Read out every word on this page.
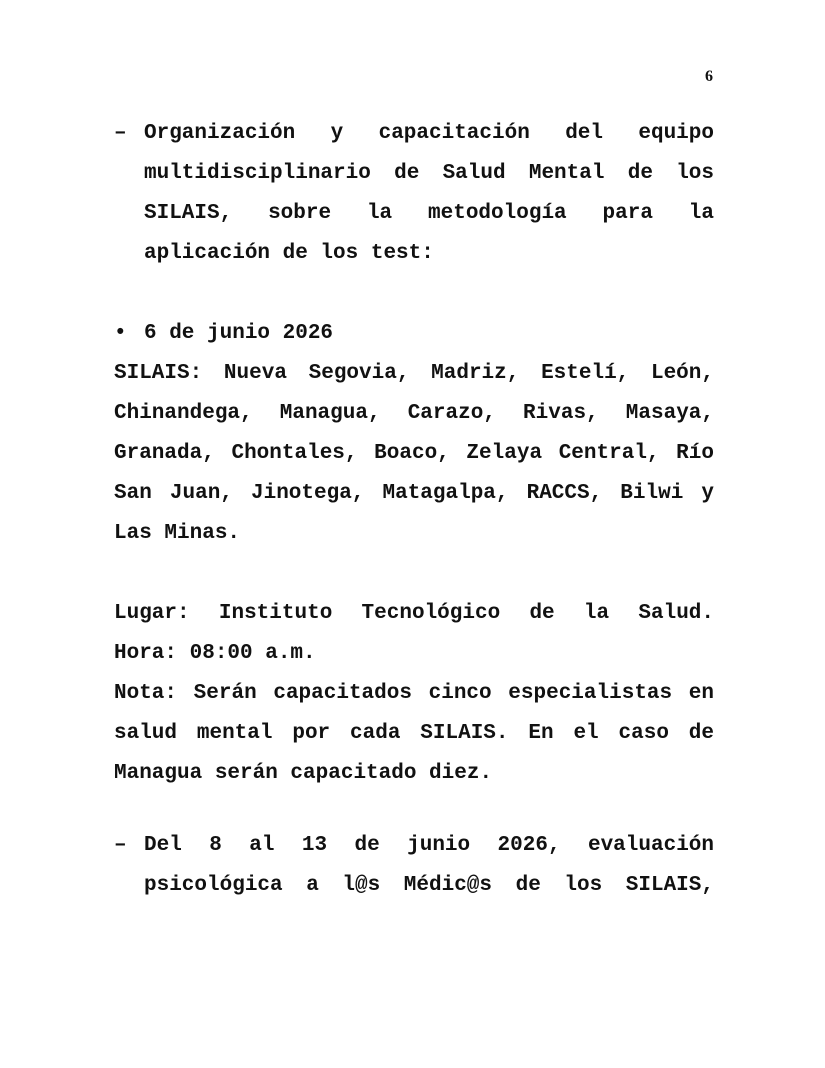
6
– Organización y capacitación del equipo multidisciplinario de Salud Mental de los SILAIS, sobre la metodología para la aplicación de los test:

• 6 de junio 2026

SILAIS: Nueva Segovia, Madriz, Estelí, León, Chinandega, Managua, Carazo, Rivas, Masaya, Granada, Chontales, Boaco, Zelaya Central, Río San Juan, Jinotega, Matagalpa, RACCS, Bilwi y Las Minas.

Lugar: Instituto Tecnológico de la Salud.

Hora: 08:00 a.m.

Nota: Serán capacitados cinco especialistas en salud mental por cada SILAIS. En el caso de Managua serán capacitado diez.

– Del 8 al 13 de junio 2026, evaluación psicológica a l@s Médic@s de los SILAIS,
